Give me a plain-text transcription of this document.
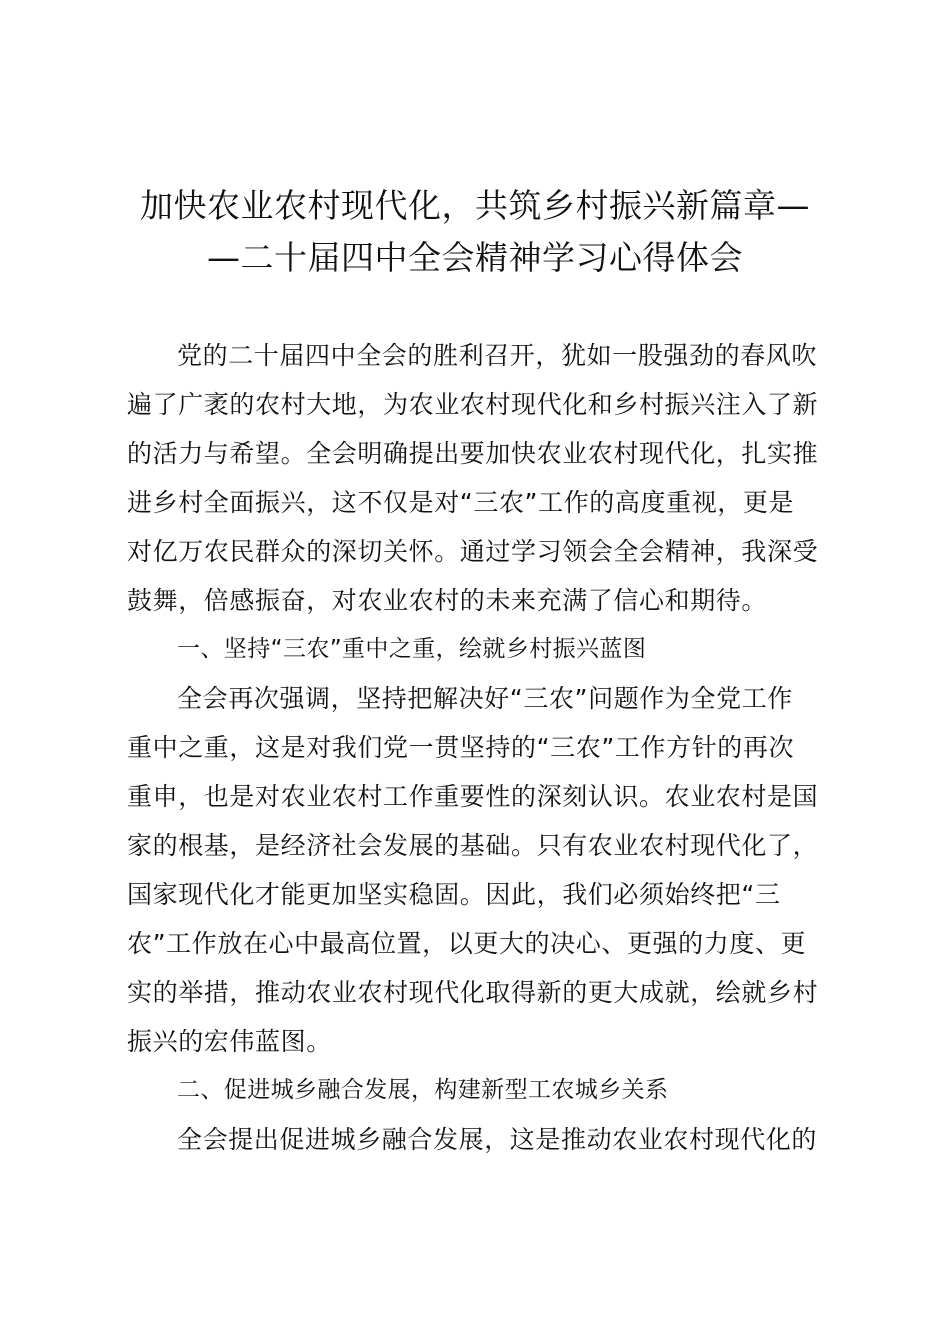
加快农业农村现代化，共筑乡村振兴新篇章—
—二十届四中全会精神学习心得体会
党的二十届四中全会的胜利召开，犹如一股强劲的春风吹
遍了广袤的农村大地，为农业农村现代化和乡村振兴注入了新
的活力与希望。全会明确提出要加快农业农村现代化，扎实推
进乡村全面振兴，这不仅是对“三农”工作的高度重视，更是
对亿万农民群众的深切关怀。通过学习领会全会精神，我深受
鼓舞，倍感振奋，对农业农村的未来充满了信心和期待。
一、坚持“三农”重中之重，绘就乡村振兴蓝图
全会再次强调，坚持把解决好“三农”问题作为全党工作
重中之重，这是对我们党一贯坚持的“三农”工作方针的再次
重申，也是对农业农村工作重要性的深刻认识。农业农村是国
家的根基，是经济社会发展的基础。只有农业农村现代化了，
国家现代化才能更加坚实稳固。因此，我们必须始终把“三
农”工作放在心中最高位置，以更大的决心、更强的力度、更
实的举措，推动农业农村现代化取得新的更大成就，绘就乡村
振兴的宏伟蓝图。
二、促进城乡融合发展，构建新型工农城乡关系
全会提出促进城乡融合发展，这是推动农业农村现代化的
